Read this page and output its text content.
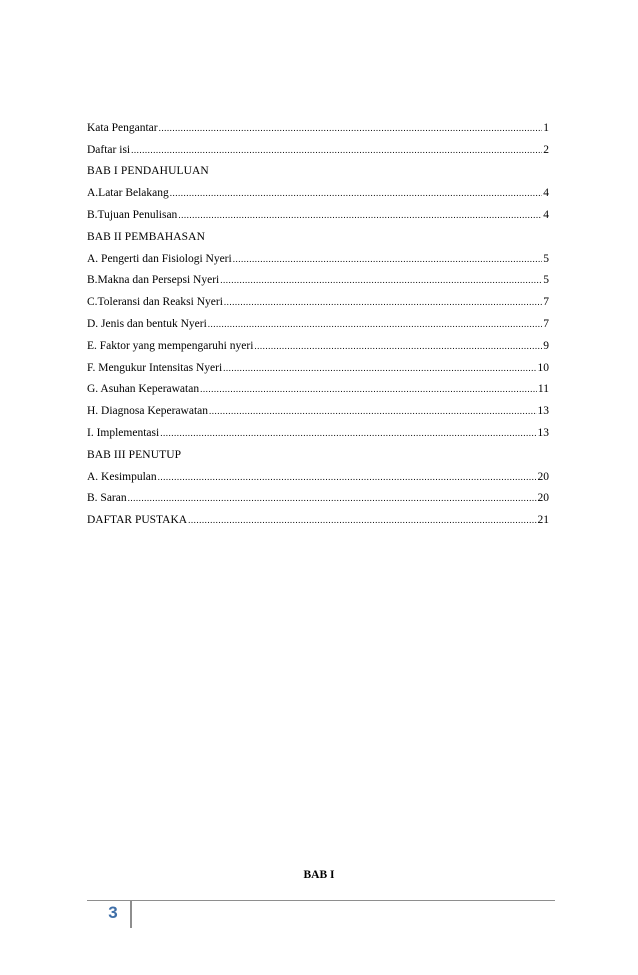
Kata Pengantar .....	1
Daftar isi .....	2
BAB I PENDAHULUAN
A.Latar Belakang .....	4
B.Tujuan Penulisan .....	4
BAB II PEMBAHASAN
A. Pengerti dan Fisiologi Nyeri .....	5
B.Makna dan Persepsi Nyeri .....	5
C.Toleransi dan Reaksi Nyeri .....	7
D. Jenis dan bentuk Nyeri .....	7
E. Faktor yang mempengaruhi nyeri .....	9
F. Mengukur Intensitas Nyeri .....	10
G. Asuhan Keperawatan .....	11
H. Diagnosa Keperawatan .....	13
I. Implementasi .....	13
BAB III PENUTUP
A. Kesimpulan .....	20
B. Saran .....	20
DAFTAR PUSTAKA .....	21
BAB I
3
